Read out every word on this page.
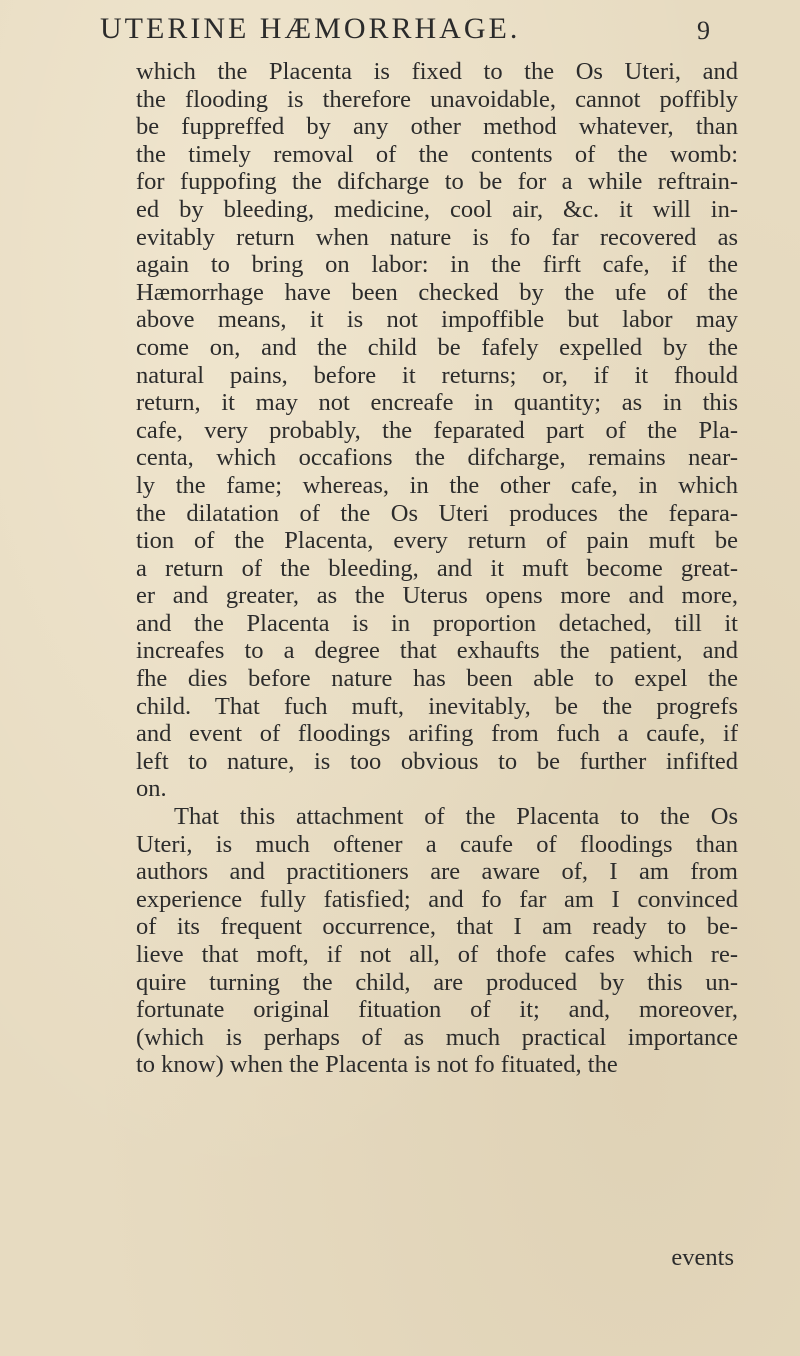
UTERINE HÆMORRHAGE.	9
which the Placenta is fixed to the Os Uteri, and
the flooding is therefore unavoidable, cannot poffibly
be fuppreffed by any other method whatever, than
the timely removal of the contents of the womb:
for fuppofing the difcharge to be for a while reftrain-
ed by bleeding, medicine, cool air, &c. it will in-
evitably return when nature is fo far recovered as
again to bring on labor: in the firft cafe, if the
Hæmorrhage have been checked by the ufe of the
above means, it is not impoffible but labor may
come on, and the child be fafely expelled by the
natural pains, before it returns; or, if it fhould
return, it may not encreafe in quantity; as in this
cafe, very probably, the feparated part of the Pla-
centa, which occafions the difcharge, remains near-
ly the fame; whereas, in the other cafe, in which
the dilatation of the Os Uteri produces the fepara-
tion of the Placenta, every return of pain muft be
a return of the bleeding, and it muft become great-
er and greater, as the Uterus opens more and more,
and the Placenta is in proportion detached, till it
increafes to a degree that exhaufts the patient, and
fhe dies before nature has been able to expel the
child. That fuch muft, inevitably, be the progrefs
and event of floodings arifing from fuch a caufe, if
left to nature, is too obvious to be further infifted
on.
That this attachment of the Placenta to the Os
Uteri, is much oftener a caufe of floodings than
authors and practitioners are aware of, I am from
experience fully fatisfied; and fo far am I convinced
of its frequent occurrence, that I am ready to be-
lieve that moft, if not all, of thofe cafes which re-
quire turning the child, are produced by this un-
fortunate original fituation of it; and, moreover,
(which is perhaps of as much practical importance
to know) when the Placenta is not fo fituated, the
events
